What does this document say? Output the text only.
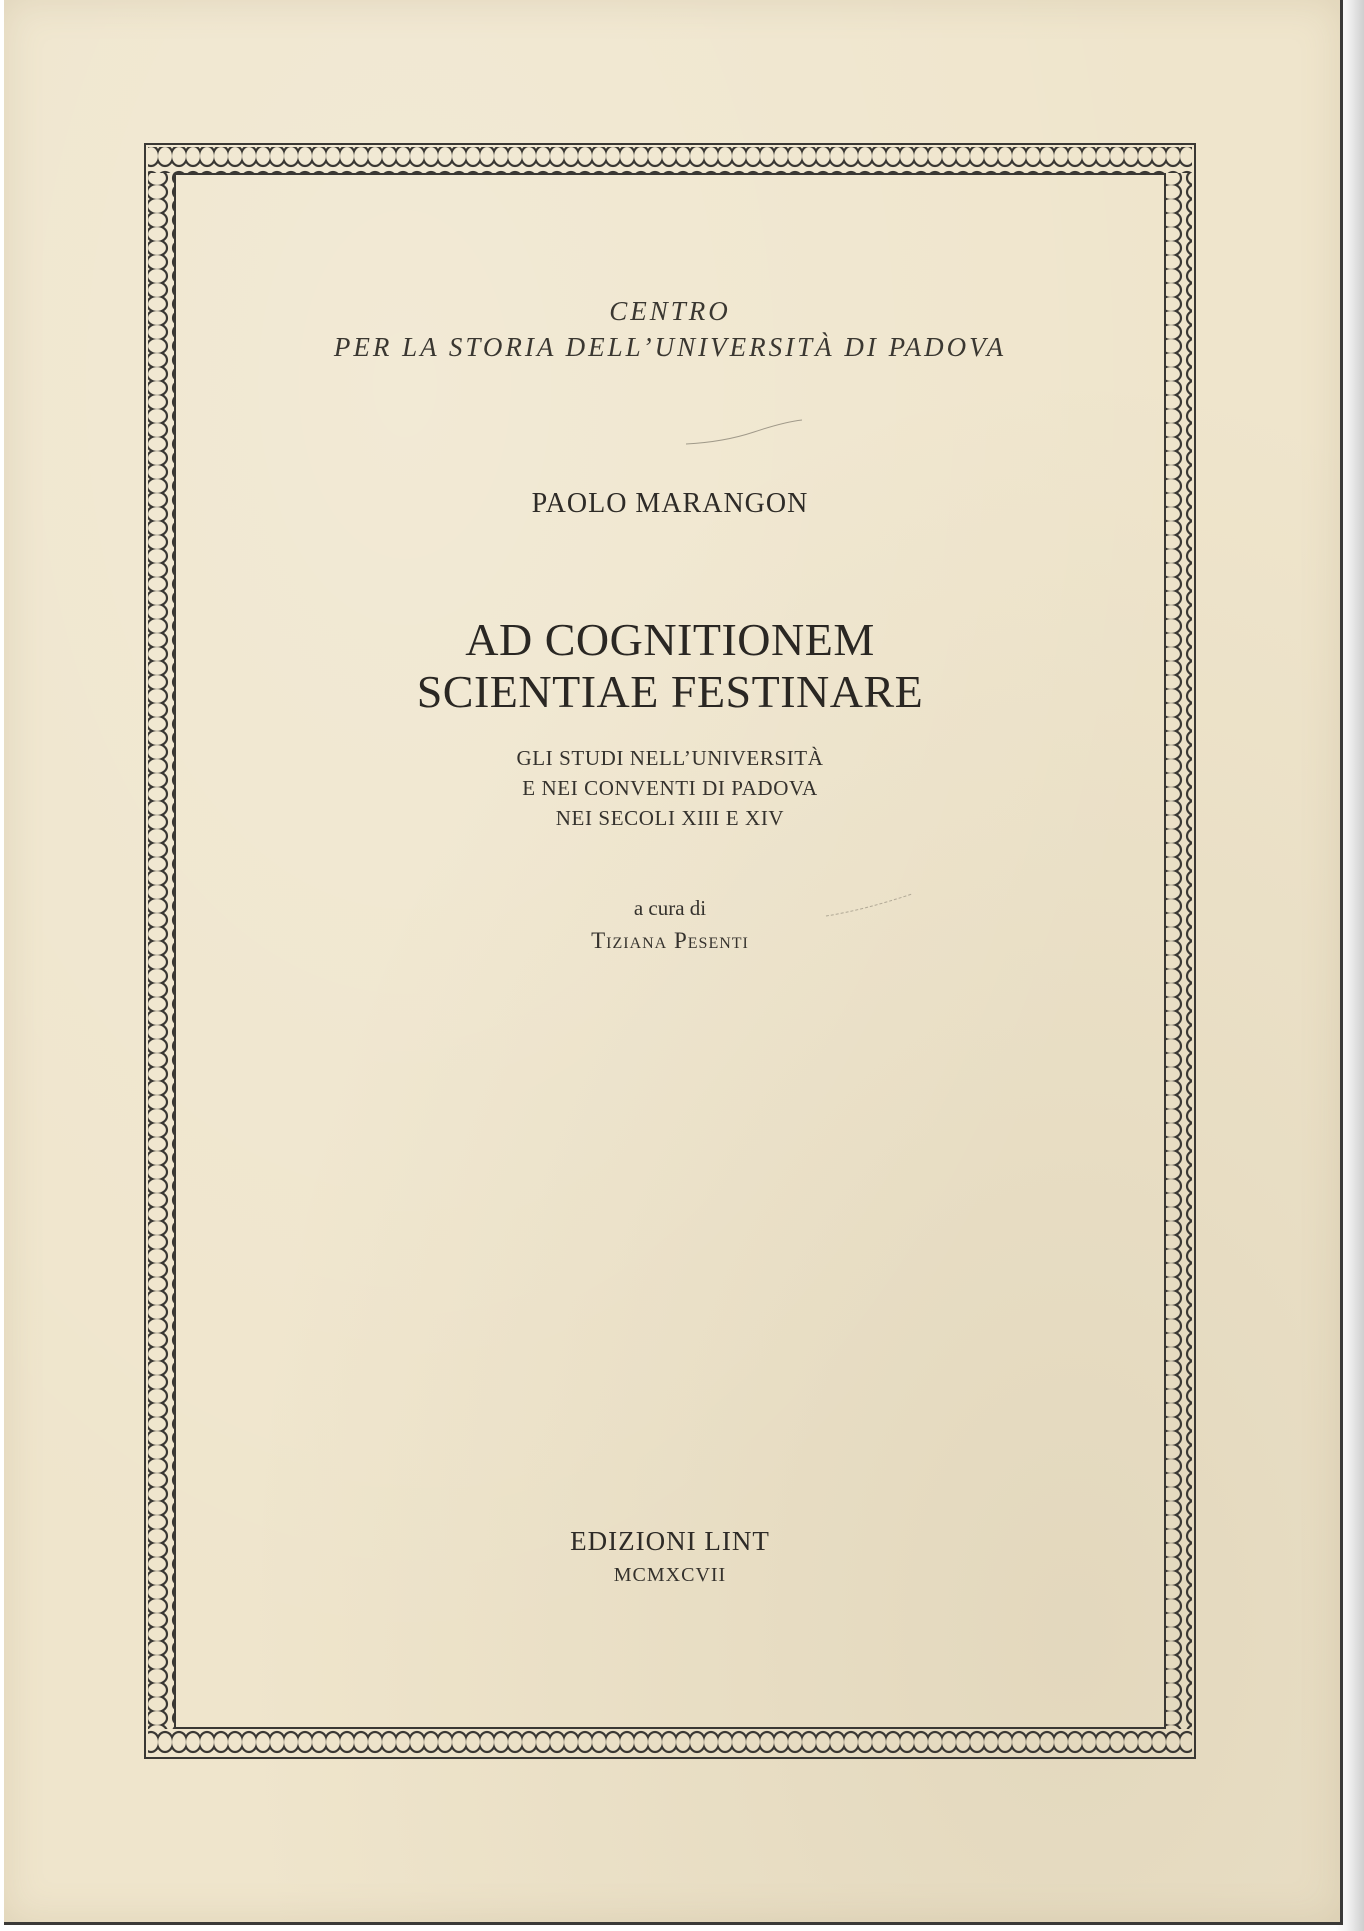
CENTRO
PER LA STORIA DELL’UNIVERSITÀ DI PADOVA
PAOLO MARANGON
AD COGNITIONEM
SCIENTIAE FESTINARE
GLI STUDI NELL’UNIVERSITÀ
E NEI CONVENTI DI PADOVA
NEI SECOLI XIII E XIV
a cura di
Tiziana Pesenti
EDIZIONI LINT
MCMXCVII
